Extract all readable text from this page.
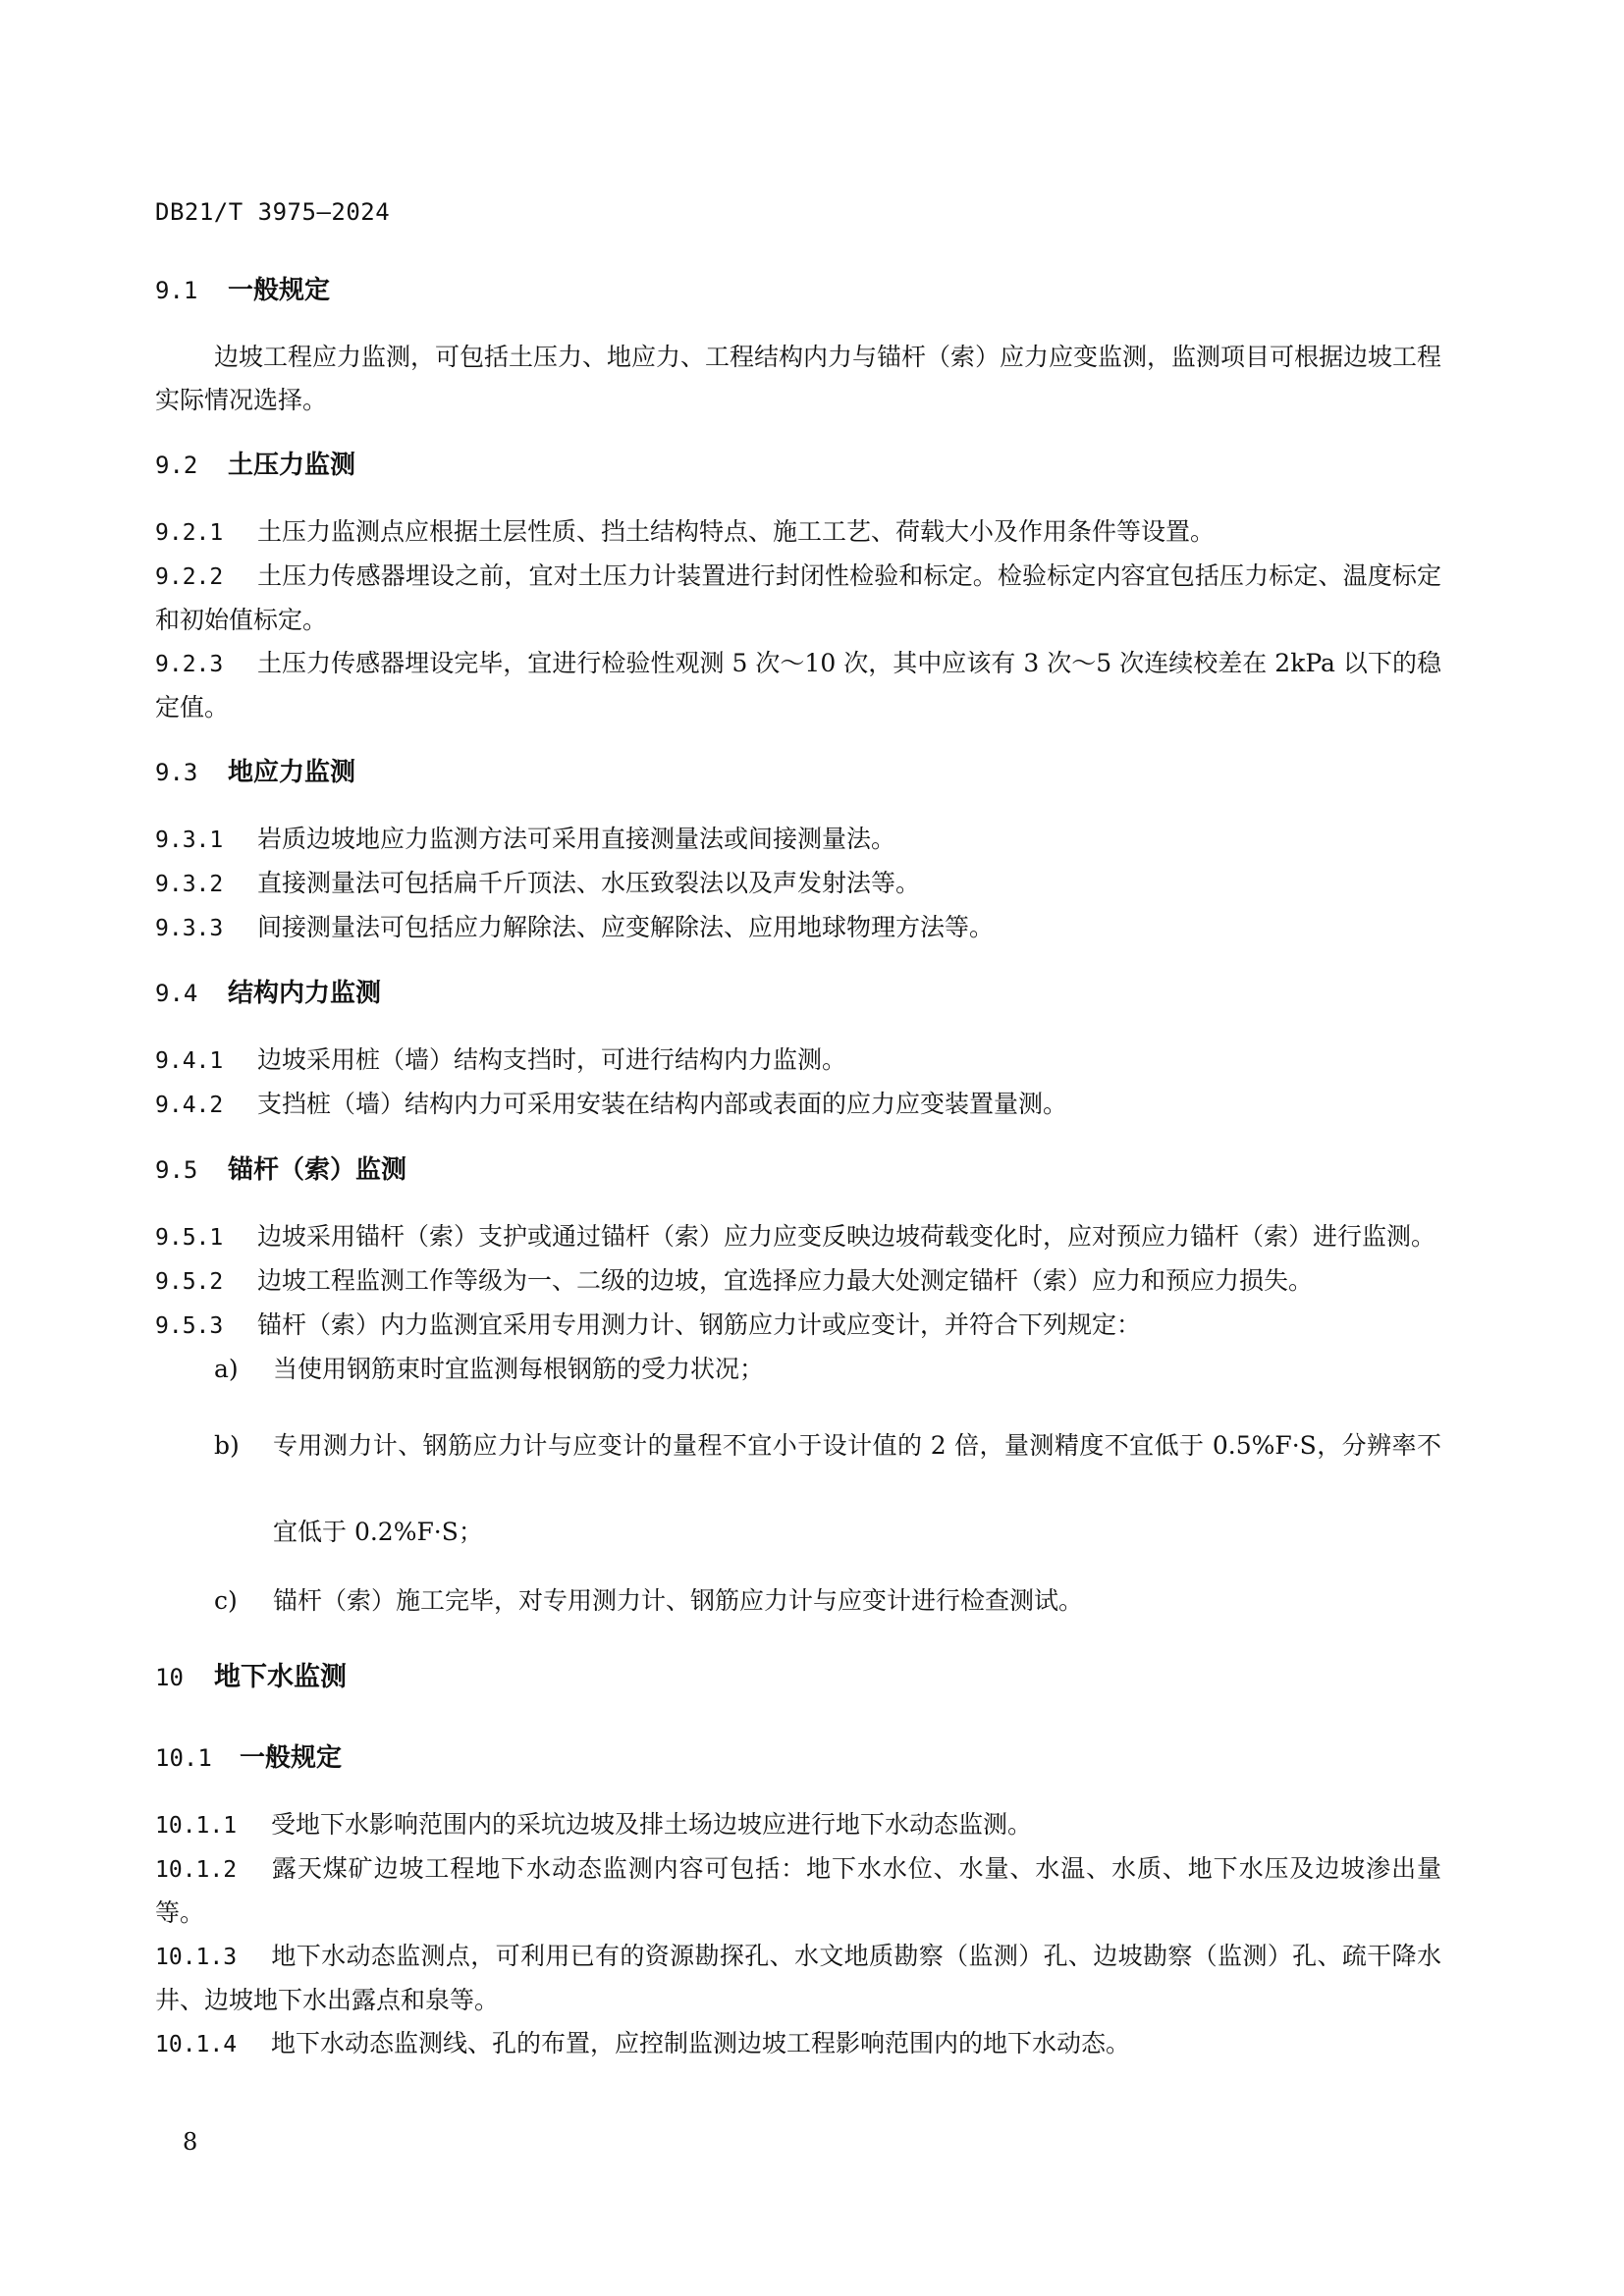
DB21/T 3975—2024
9.1 一般规定

边坡工程应力监测，可包括土压力、地应力、工程结构内力与锚杆（索）应力应变监测，监测项目可根据边坡工程实际情况选择。

9.2 土压力监测

9.2.1 土压力监测点应根据土层性质、挡土结构特点、施工工艺、荷载大小及作用条件等设置。

9.2.2 土压力传感器埋设之前，宜对土压力计装置进行封闭性检验和标定。检验标定内容宜包括压力标定、温度标定和初始值标定。

9.2.3 土压力传感器埋设完毕，宜进行检验性观测 5 次～10 次，其中应该有 3 次～5 次连续校差在 2kPa 以下的稳定值。

9.3 地应力监测

9.3.1 岩质边坡地应力监测方法可采用直接测量法或间接测量法。

9.3.2 直接测量法可包括扁千斤顶法、水压致裂法以及声发射法等。

9.3.3 间接测量法可包括应力解除法、应变解除法、应用地球物理方法等。

9.4 结构内力监测

9.4.1 边坡采用桩（墙）结构支挡时，可进行结构内力监测。

9.4.2 支挡桩（墙）结构内力可采用安装在结构内部或表面的应力应变装置量测。

9.5 锚杆（索）监测

9.5.1 边坡采用锚杆（索）支护或通过锚杆（索）应力应变反映边坡荷载变化时，应对预应力锚杆（索）进行监测。

9.5.2 边坡工程监测工作等级为一、二级的边坡，宜选择应力最大处测定锚杆（索）应力和预应力损失。

9.5.3 锚杆（索）内力监测宜采用专用测力计、钢筋应力计或应变计，并符合下列规定：

a) 当使用钢筋束时宜监测每根钢筋的受力状况；

b) 专用测力计、钢筋应力计与应变计的量程不宜小于设计值的 2 倍，量测精度不宜低于 0.5%F·S，分辨率不宜低于 0.2%F·S；

c) 锚杆（索）施工完毕，对专用测力计、钢筋应力计与应变计进行检查测试。

10 地下水监测
10.1 一般规定

10.1.1 受地下水影响范围内的采坑边坡及排土场边坡应进行地下水动态监测。

10.1.2 露天煤矿边坡工程地下水动态监测内容可包括：地下水水位、水量、水温、水质、地下水压及边坡渗出量等。

10.1.3 地下水动态监测点，可利用已有的资源勘探孔、水文地质勘察（监测）孔、边坡勘察（监测）孔、疏干降水井、边坡地下水出露点和泉等。

10.1.4 地下水动态监测线、孔的布置，应控制监测边坡工程影响范围内的地下水动态。

8
